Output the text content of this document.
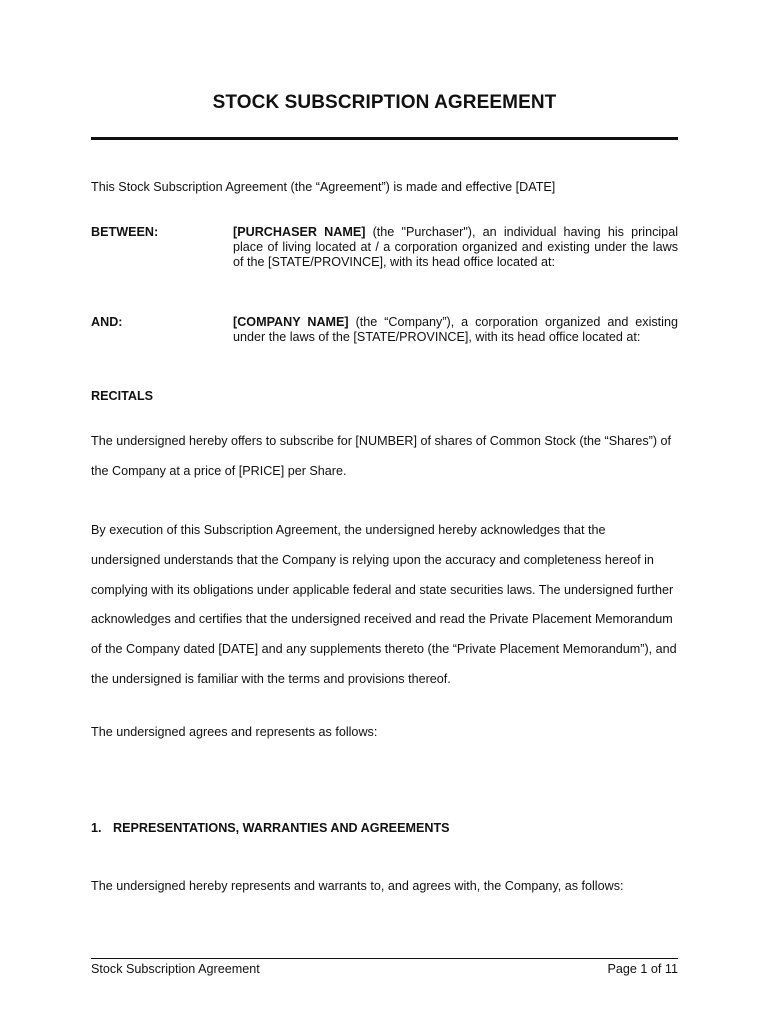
STOCK SUBSCRIPTION AGREEMENT
This Stock Subscription Agreement (the “Agreement”) is made and effective [DATE]
BETWEEN:	[PURCHASER NAME] (the "Purchaser"), an individual having his principal place of living located at / a corporation organized and existing under the laws of the [STATE/PROVINCE], with its head office located at:
AND:	[COMPANY NAME] (the “Company”), a corporation organized and existing under the laws of the [STATE/PROVINCE], with its head office located at:
RECITALS
The undersigned hereby offers to subscribe for [NUMBER] of shares of Common Stock (the “Shares”) of the Company at a price of [PRICE] per Share.
By execution of this Subscription Agreement, the undersigned hereby acknowledges that the undersigned understands that the Company is relying upon the accuracy and completeness hereof in complying with its obligations under applicable federal and state securities laws. The undersigned further acknowledges and certifies that the undersigned received and read the Private Placement Memorandum of the Company dated [DATE] and any supplements thereto (the “Private Placement Memorandum”), and the undersigned is familiar with the terms and provisions thereof.
The undersigned agrees and represents as follows:
1. REPRESENTATIONS, WARRANTIES AND AGREEMENTS
The undersigned hereby represents and warrants to, and agrees with, the Company, as follows:
Stock Subscription Agreement	Page 1 of 11
